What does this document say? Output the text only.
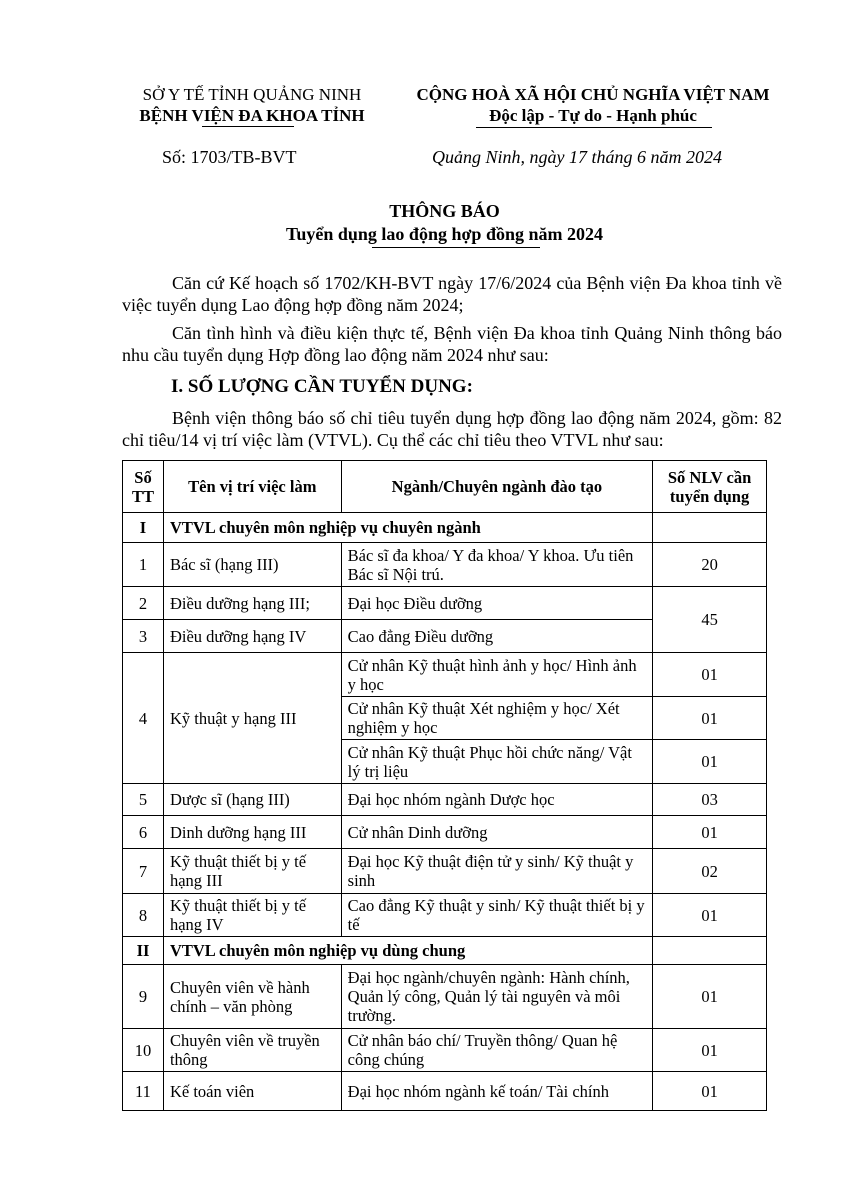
SỞ Y TẾ TỈNH QUẢNG NINH
BỆNH VIỆN ĐA KHOA TỈNH
CỘNG HOÀ XÃ HỘI CHỦ NGHĨA VIỆT NAM
Độc lập - Tự do - Hạnh phúc
Số: 1703/TB-BVT	Quảng Ninh, ngày 17 tháng 6 năm 2024
THÔNG BÁO
Tuyển dụng lao động hợp đồng năm 2024
Căn cứ Kế hoạch số 1702/KH-BVT ngày 17/6/2024 của Bệnh viện Đa khoa tỉnh về việc tuyển dụng Lao động hợp đồng năm 2024;
Căn tình hình và điều kiện thực tế, Bệnh viện Đa khoa tỉnh Quảng Ninh thông báo nhu cầu tuyển dụng Hợp đồng lao động năm 2024 như sau:
I. SỐ LƯỢNG CẦN TUYỂN DỤNG:
Bệnh viện thông báo số chỉ tiêu tuyển dụng hợp đồng lao động năm 2024, gồm: 82 chỉ tiêu/14 vị trí việc làm (VTVL). Cụ thể các chỉ tiêu theo VTVL như sau:
Số TT	Tên vị trí việc làm	Ngành/Chuyên ngành đào tạo	Số NLV cần tuyển dụng
I	VTVL chuyên môn nghiệp vụ chuyên ngành		
1	Bác sĩ (hạng III)	Bác sĩ đa khoa/ Y đa khoa/ Y khoa. Ưu tiên Bác sĩ Nội trú.	20
2	Điều dưỡng hạng III;	Đại học Điều dưỡng	45
3	Điều dưỡng hạng IV	Cao đẳng Điều dưỡng	
4	Kỹ thuật y hạng III	Cử nhân Kỹ thuật hình ảnh y học/ Hình ảnh y học	01
		Cử nhân Kỹ thuật Xét nghiệm y học/ Xét nghiệm y học	01
		Cử nhân Kỹ thuật Phục hồi chức năng/ Vật lý trị liệu	01
5	Dược sĩ (hạng III)	Đại học nhóm ngành Dược học	03
6	Dinh dưỡng hạng III	Cử nhân Dinh dưỡng	01
7	Kỹ thuật thiết bị y tế hạng III	Đại học Kỹ thuật điện tử y sinh/ Kỹ thuật y sinh	02
8	Kỹ thuật thiết bị y tế hạng IV	Cao đẳng Kỹ thuật y sinh/ Kỹ thuật thiết bị y tế	01
II	VTVL chuyên môn nghiệp vụ dùng chung		
9	Chuyên viên về hành chính – văn phòng	Đại học ngành/chuyên ngành: Hành chính, Quản lý công, Quản lý tài nguyên và môi trường.	01
10	Chuyên viên về truyền thông	Cử nhân báo chí/ Truyền thông/ Quan hệ công chúng	01
11	Kế toán viên	Đại học nhóm ngành kế toán/ Tài chính	01
